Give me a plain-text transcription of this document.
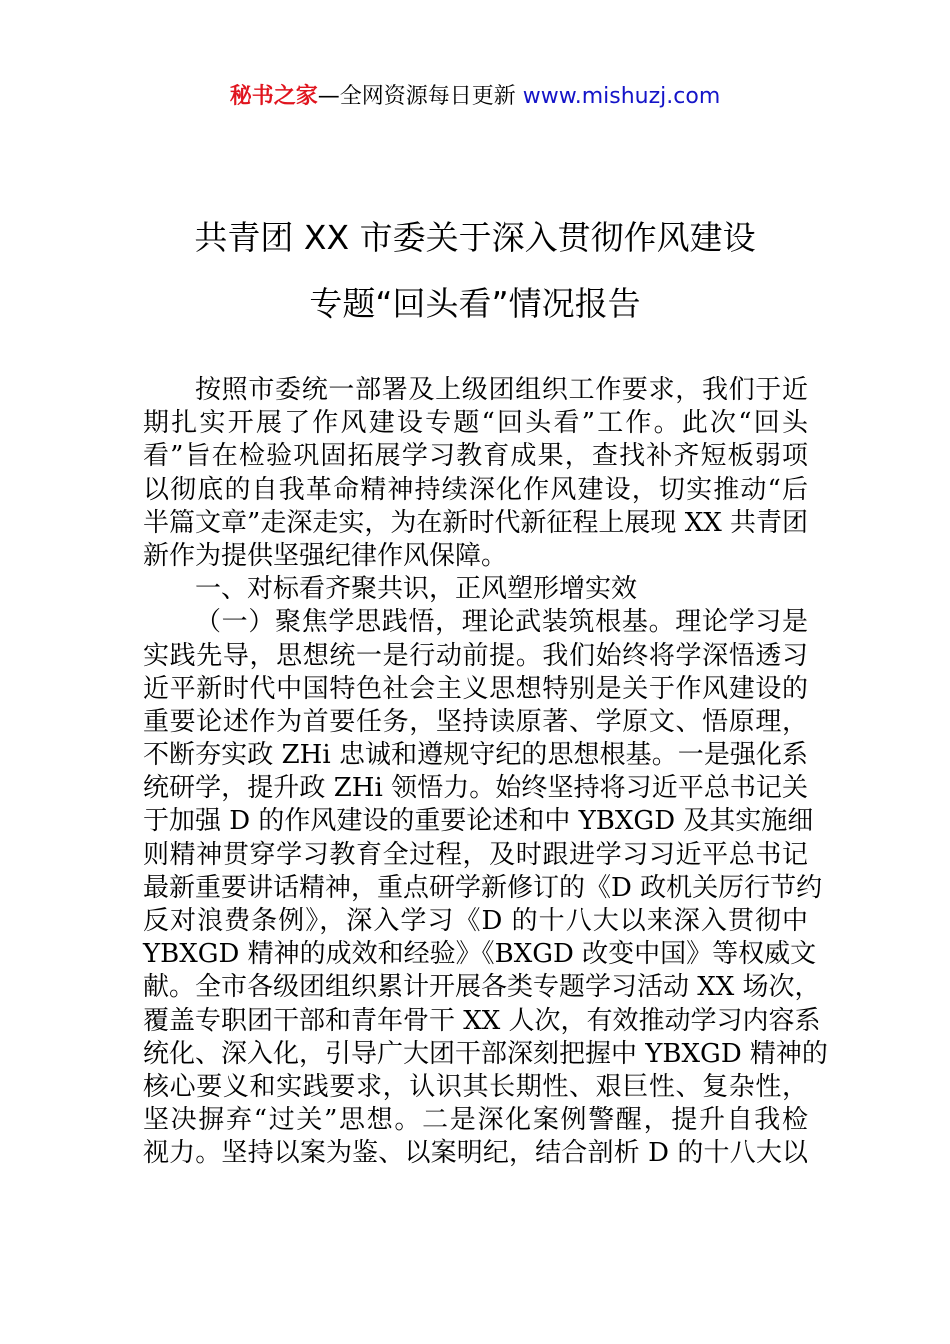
秘书之家—全网资源每日更新 www.mishuzj.com
共青团 XX 市委关于深入贯彻作风建设
专题“回头看”情况报告
按照市委统一部署及上级团组织工作要求，我们于近
期扎实开展了作风建设专题“回头看”工作。此次“回头
看”旨在检验巩固拓展学习教育成果，查找补齐短板弱项
以彻底的自我革命精神持续深化作风建设，切实推动“后
半篇文章”走深走实，为在新时代新征程上展现 XX 共青团
新作为提供坚强纪律作风保障。
一、对标看齐聚共识，正风塑形增实效
（一）聚焦学思践悟，理论武装筑根基。理论学习是
实践先导，思想统一是行动前提。我们始终将学深悟透习
近平新时代中国特色社会主义思想特别是关于作风建设的
重要论述作为首要任务，坚持读原著、学原文、悟原理，
不断夯实政 ZHi 忠诚和遵规守纪的思想根基。一是强化系
统研学，提升政 ZHi 领悟力。始终坚持将习近平总书记关
于加强 D 的作风建设的重要论述和中 YBXGD 及其实施细
则精神贯穿学习教育全过程，及时跟进学习习近平总书记
最新重要讲话精神，重点研学新修订的《D 政机关厉行节约
反对浪费条例》，深入学习《D 的十八大以来深入贯彻中
YBXGD 精神的成效和经验》《BXGD 改变中国》等权威文
献。全市各级团组织累计开展各类专题学习活动 XX 场次，
覆盖专职团干部和青年骨干 XX 人次，有效推动学习内容系
统化、深入化，引导广大团干部深刻把握中 YBXGD 精神的
核心要义和实践要求，认识其长期性、艰巨性、复杂性，
坚决摒弃“过关”思想。二是深化案例警醒，提升自我检
视力。坚持以案为鉴、以案明纪，结合剖析 D 的十八大以
